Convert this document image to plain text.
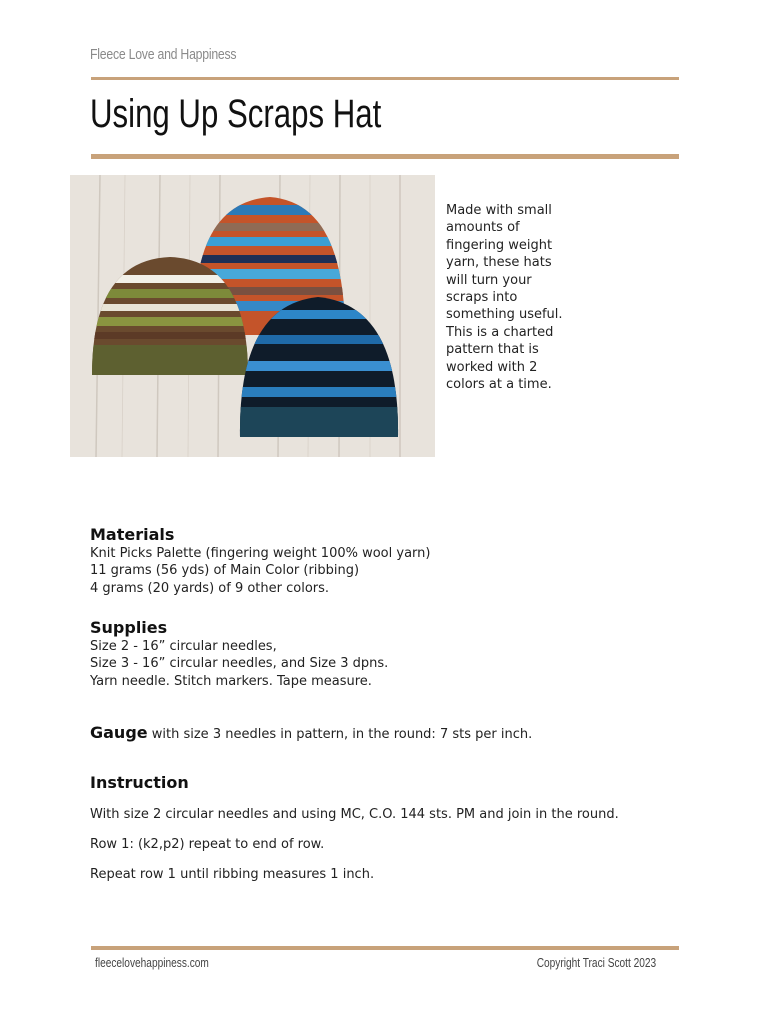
Fleece Love and Happiness
Using Up Scraps Hat
Made with small amounts of fingering weight yarn, these hats will turn your scraps into something useful. This is a charted pattern that is worked with 2 colors at a time.
Materials
Knit Picks Palette (fingering weight 100% wool yarn)
11 grams (56 yds) of Main Color (ribbing)
4 grams (20 yards) of 9 other colors.
Supplies
Size 2 - 16” circular needles,
Size 3 - 16” circular needles, and Size 3 dpns.
Yarn needle. Stitch markers. Tape measure.
Gauge with size 3 needles in pattern, in the round: 7 sts per inch.
Instruction
With size 2 circular needles and using MC, C.O. 144 sts. PM and join in the round.
Row 1: (k2,p2) repeat to end of row.
Repeat row 1 until ribbing measures 1 inch.
fleecelovehappiness.com	Copyright Traci Scott 2023
